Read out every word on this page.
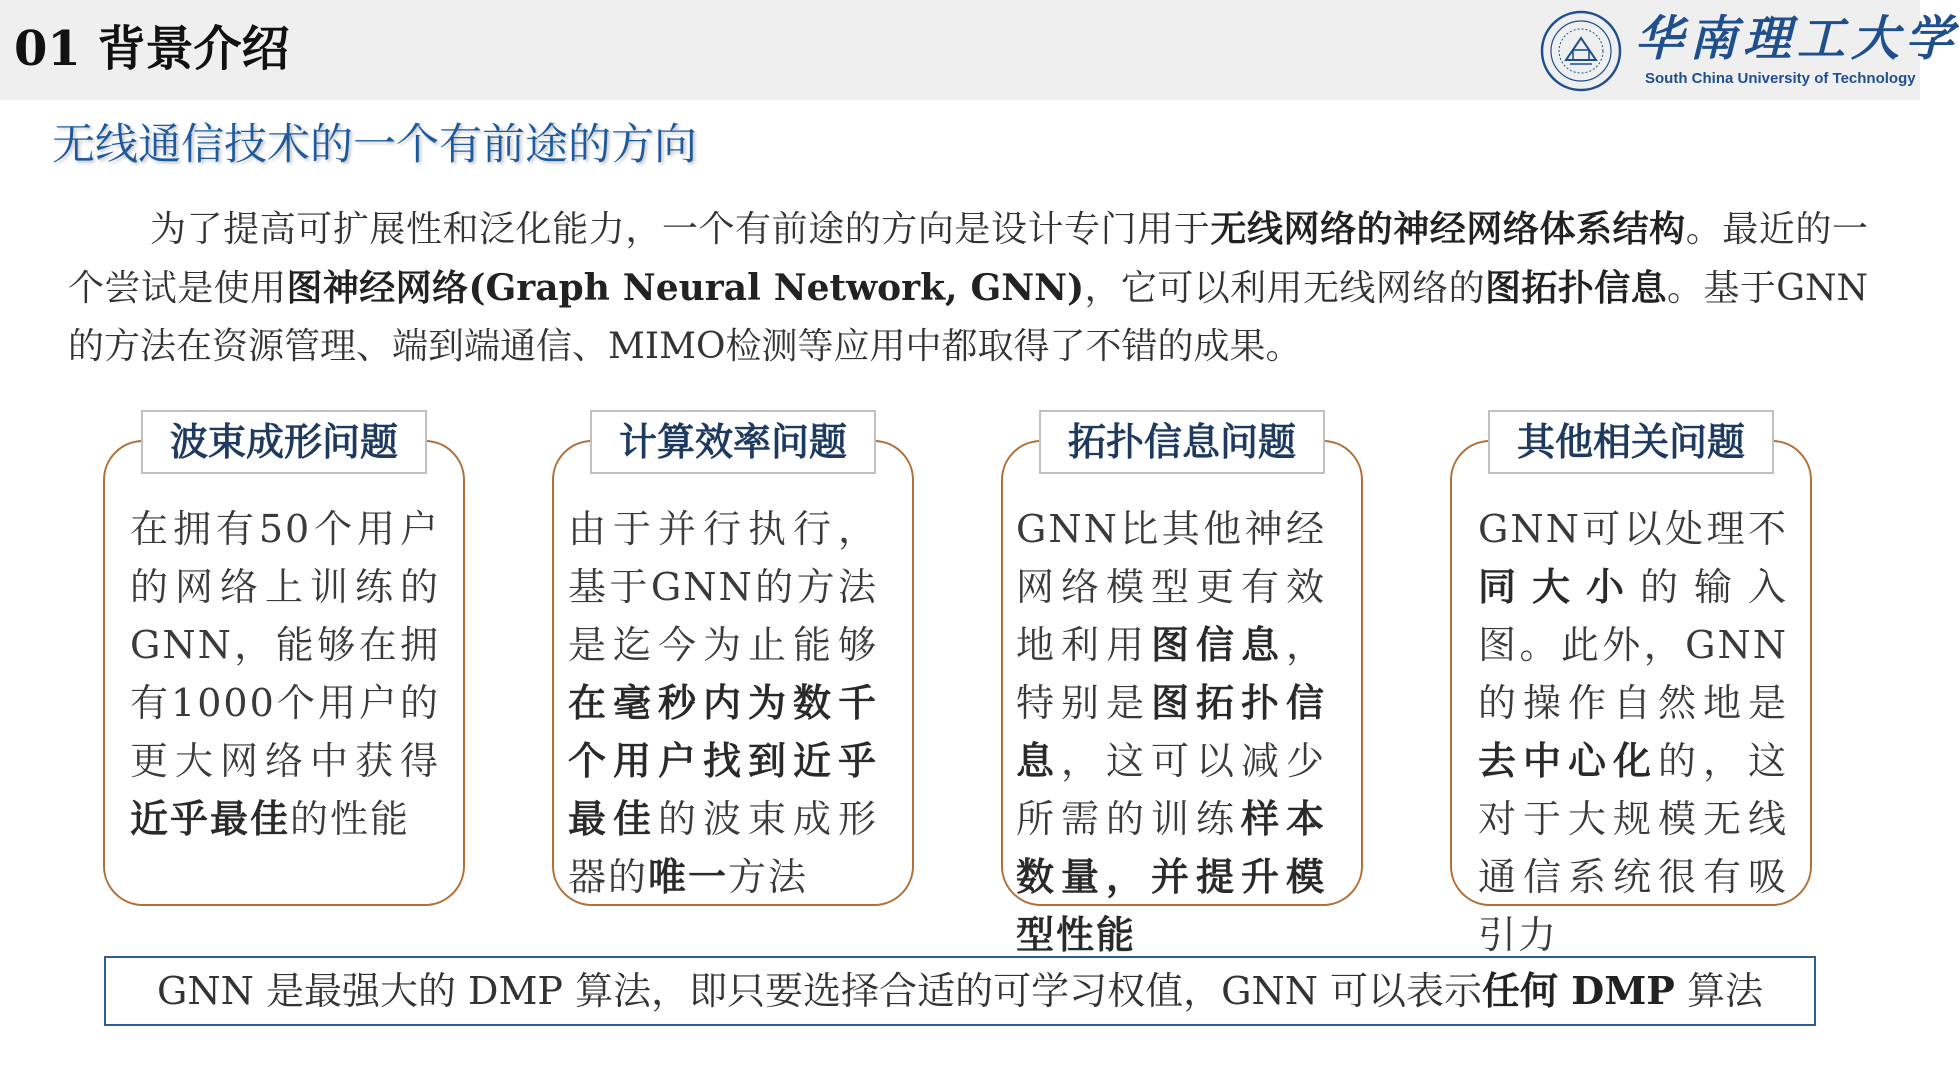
01 背景介绍	华南理工大学
South China University of Technology
无线通信技术的一个有前途的方向

为了提高可扩展性和泛化能力，一个有前途的方向是设计专门用于无线网络的神经网络体系结构。最近的一个尝试是使用图神经网络(Graph Neural Network, GNN)，它可以利用无线网络的图拓扑信息。基于GNN的方法在资源管理、端到端通信、MIMO检测等应用中都取得了不错的成果。

波束成形问题

在拥有50个用户的网络上训练的GNN，能够在拥有1000个用户的更大网络中获得近乎最佳的性能

计算效率问题

由于并行执行，基于GNN的方法是迄今为止能够在毫秒内为数千个用户找到近乎最佳的波束成形器的唯一方法

拓扑信息问题

GNN比其他神经网络模型更有效地利用图信息，特别是图拓扑信息，这可以减少所需的训练样本数量，并提升模型性能

其他相关问题

GNN可以处理不同大小的输入图。此外，GNN的操作自然地是去中心化的，这对于大规模无线通信系统很有吸引力

GNN 是最强大的 DMP 算法，即只要选择合适的可学习权值，GNN 可以表示任何 DMP 算法
